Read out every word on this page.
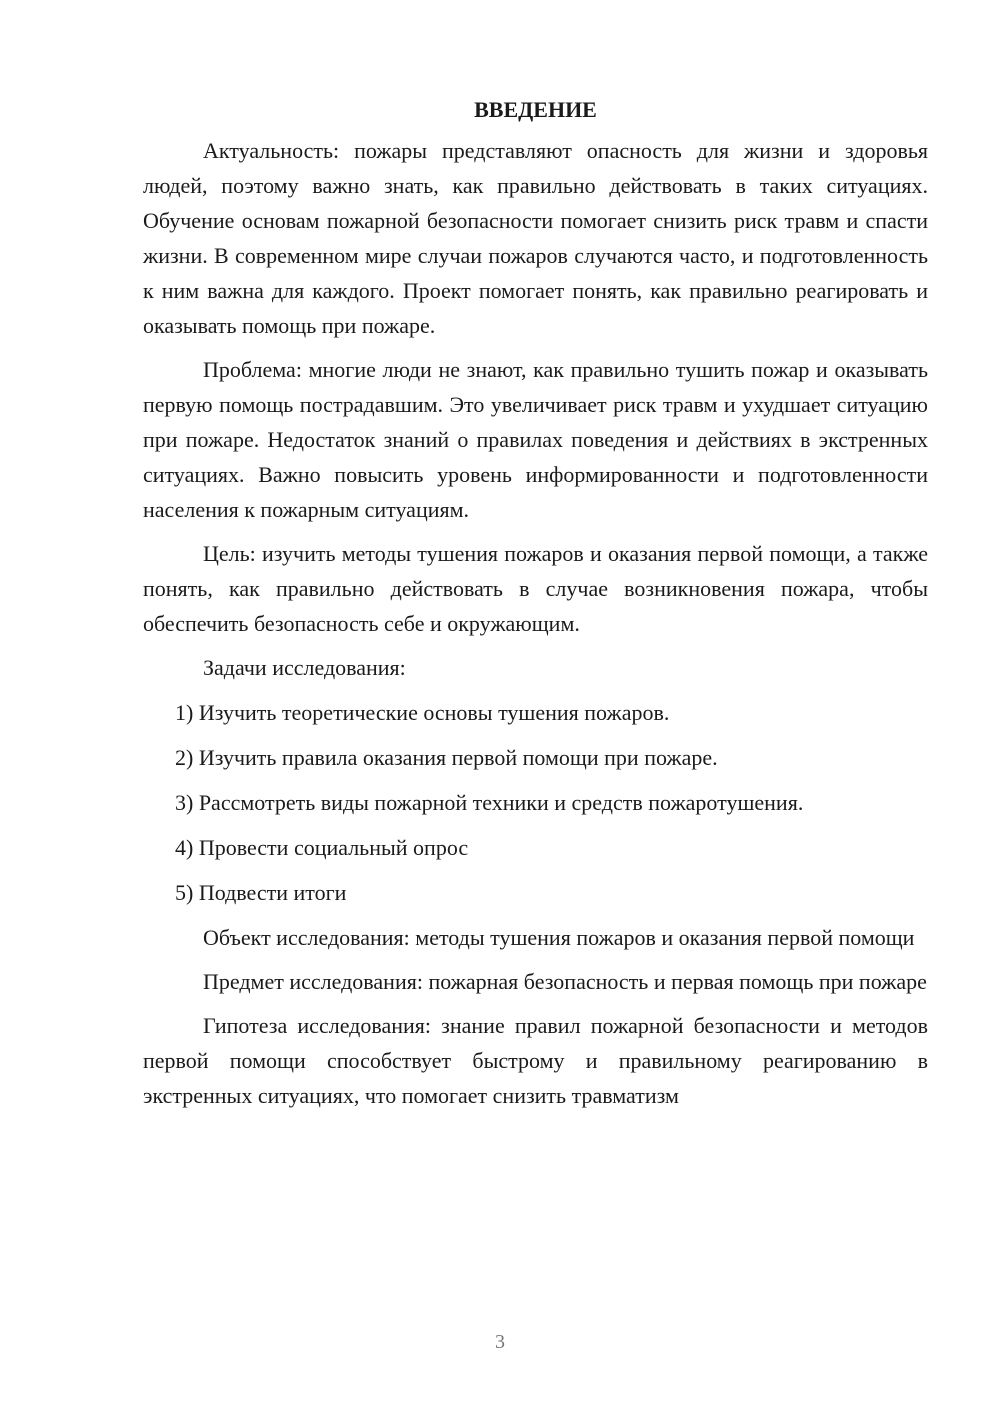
ВВЕДЕНИЕ

Актуальность: пожары представляют опасность для жизни и здоровья людей, поэтому важно знать, как правильно действовать в таких ситуациях. Обучение основам пожарной безопасности помогает снизить риск травм и спасти жизни. В современном мире случаи пожаров случаются часто, и подготовленность к ним важна для каждого. Проект помогает понять, как правильно реагировать и оказывать помощь при пожаре.

Проблема: многие люди не знают, как правильно тушить пожар и оказывать первую помощь пострадавшим. Это увеличивает риск травм и ухудшает ситуацию при пожаре. Недостаток знаний о правилах поведения и действиях в экстренных ситуациях. Важно повысить уровень информированности и подготовленности населения к пожарным ситуациям.

Цель: изучить методы тушения пожаров и оказания первой помощи, а также понять, как правильно действовать в случае возникновения пожара, чтобы обеспечить безопасность себе и окружающим.

Задачи исследования:

1) Изучить теоретические основы тушения пожаров.
2) Изучить правила оказания первой помощи при пожаре.
3) Рассмотреть виды пожарной техники и средств пожаротушения.
4) Провести социальный опрос
5) Подвести итоги

Объект исследования: методы тушения пожаров и оказания первой помощи

Предмет исследования: пожарная безопасность и первая помощь при пожаре

Гипотеза исследования: знание правил пожарной безопасности и методов первой помощи способствует быстрому и правильному реагированию в экстренных ситуациях, что помогает снизить травматизм

3
